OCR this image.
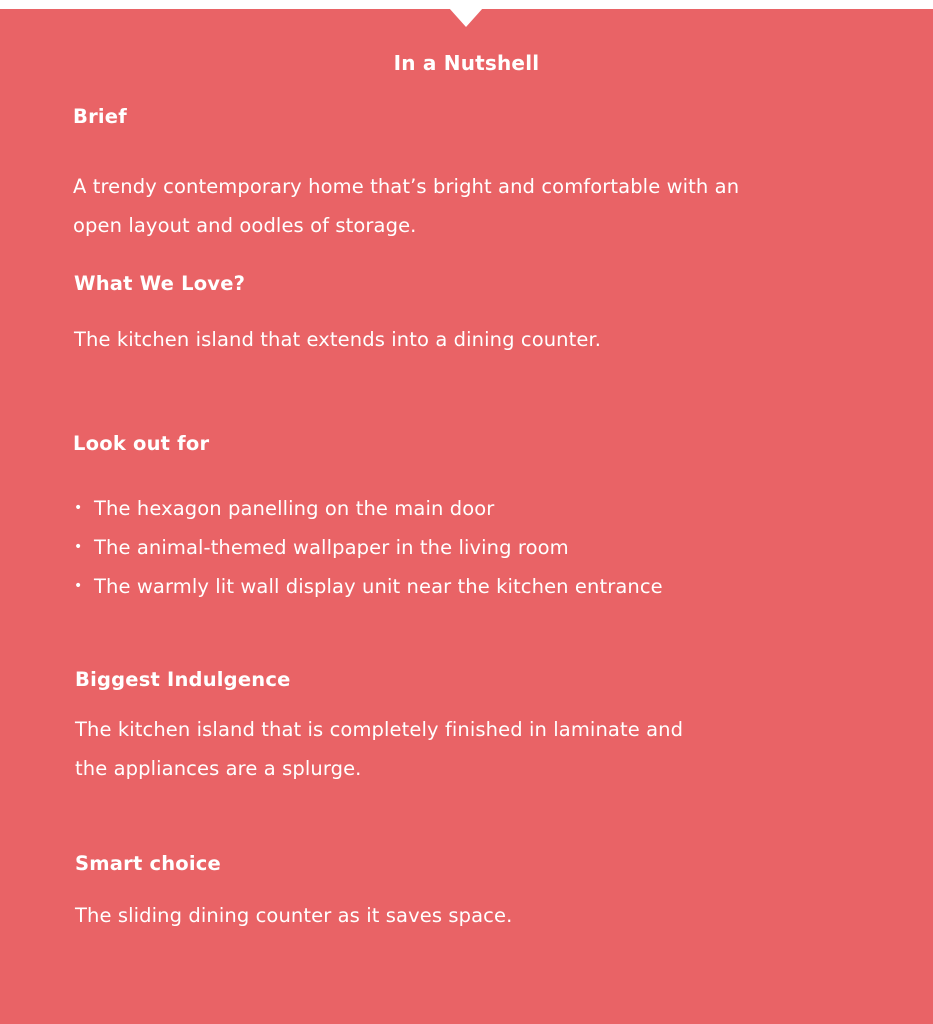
In a Nutshell
Brief
A trendy contemporary home that’s bright and comfortable with an
open layout and oodles of storage.
What We Love?
The kitchen island that extends into a dining counter.
Look out for
• The hexagon panelling on the main door
• The animal-themed wallpaper in the living room
• The warmly lit wall display unit near the kitchen entrance
Biggest Indulgence
The kitchen island that is completely finished in laminate and
the appliances are a splurge.
Smart choice
The sliding dining counter as it saves space.
